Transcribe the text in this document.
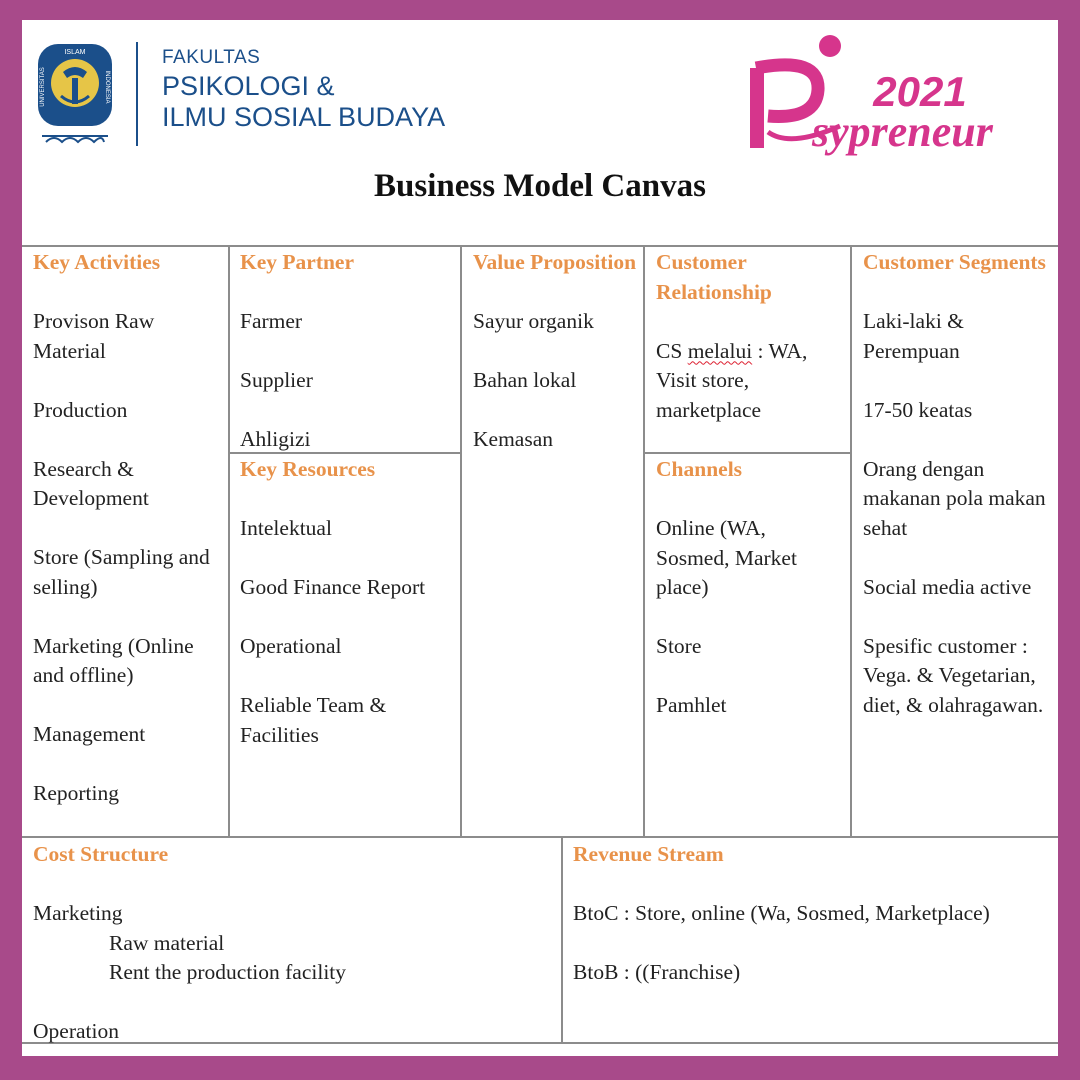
ISLAM
UNIVERSITAS	INDONESIA
FAKULTAS
PSIKOLOGI &
ILMU SOSIAL BUDAYA
2021
sypreneur
Business Model Canvas
Key Activities
Provison Raw Material
Production
Research & Development
Store (Sampling and selling)
Marketing (Online and offline)
Management
Reporting
Key Partner
Farmer
Supplier
Ahligizi
Key Resources
Intelektual
Good Finance Report
Operational
Reliable Team & Facilities
Value Proposition
Sayur organik
Bahan lokal
Kemasan
Customer Relationship
CS melalui : WA, Visit store, marketplace
Channels
Online (WA, Sosmed, Market place)
Store
Pamhlet
Customer Segments
Laki-laki & Perempuan
17-50 keatas
Orang dengan makanan pola makan sehat
Social media active
Spesific customer : Vega. & Vegetarian, diet, & olahragawan.
Cost Structure
Marketing
Raw material
Rent the production facility
Operation
Revenue Stream
BtoC : Store, online (Wa, Sosmed, Marketplace)
BtoB : ((Franchise)
